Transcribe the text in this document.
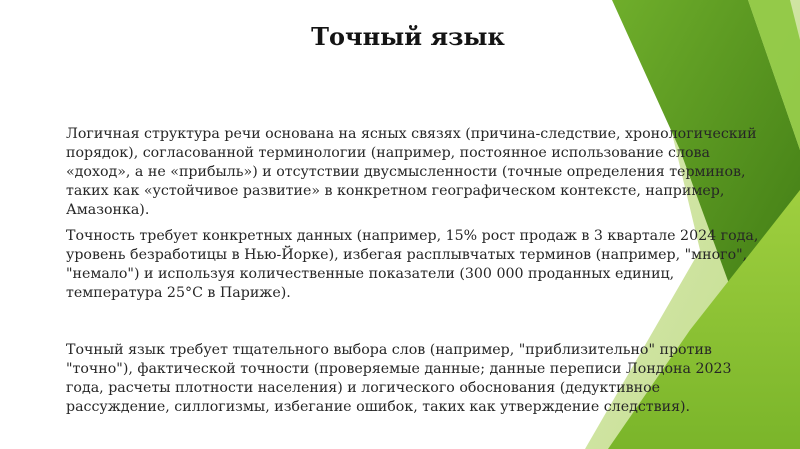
Точный язык

Логичная структура речи основана на ясных связях (причина-следствие, хронологический порядок), согласованной терминологии (например, постоянное использование слова «доход», а не «прибыль») и отсутствии двусмысленности (точные определения терминов, таких как «устойчивое развитие» в конкретном географическом контексте, например, Амазонка).

Точность требует конкретных данных (например, 15% рост продаж в 3 квартале 2024 года, уровень безработицы в Нью-Йорке), избегая расплывчатых терминов (например, "много", "немало") и используя количественные показатели (300 000 проданных единиц, температура 25°С в Париже).

Точный язык требует тщательного выбора слов (например, "приблизительно" против "точно"), фактической точности (проверяемые данные; данные переписи Лондона 2023 года, расчеты плотности населения) и логического обоснования (дедуктивное рассуждение, силлогизмы, избегание ошибок, таких как утверждение следствия).
